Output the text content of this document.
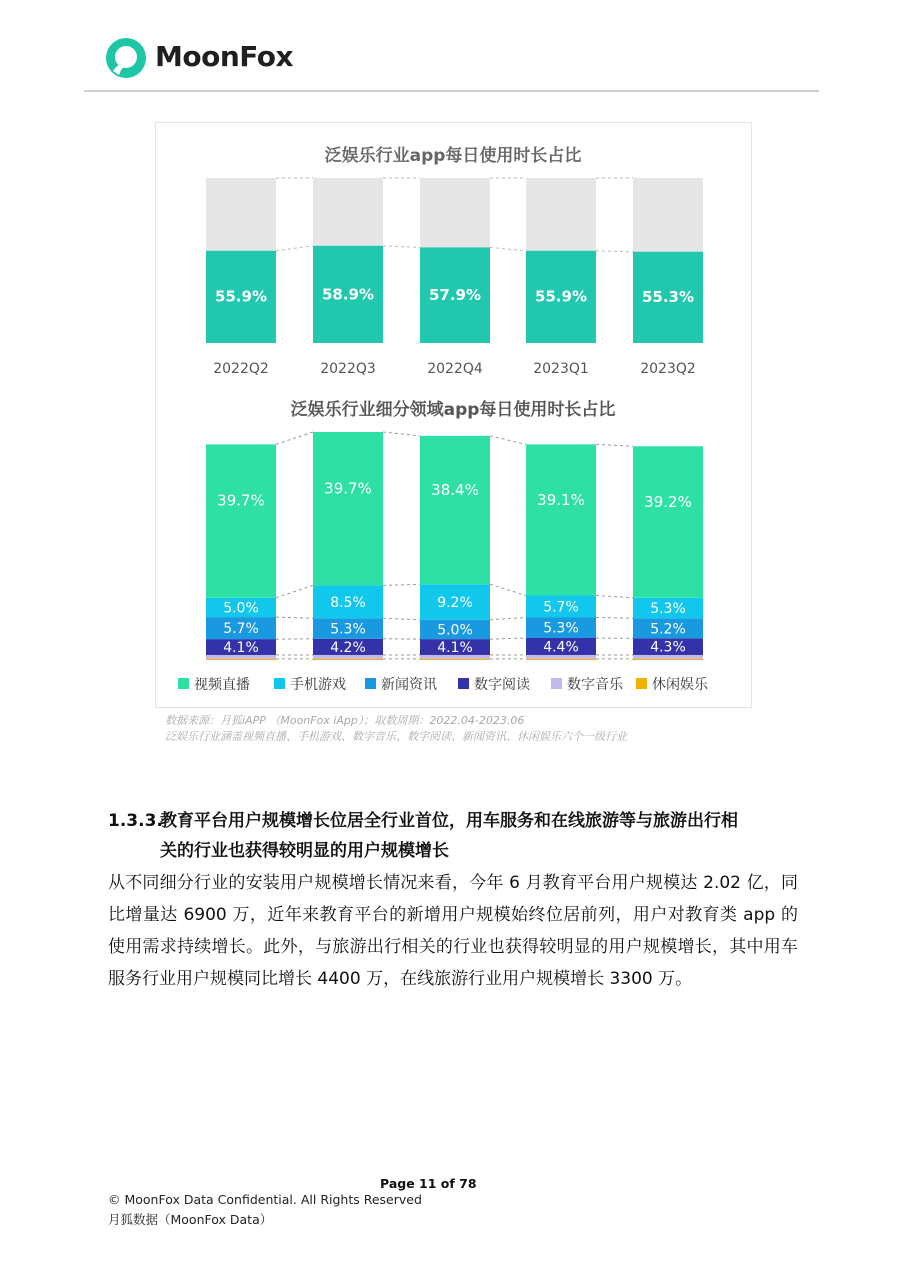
MoonFox
泛娱乐行业app每日使用时长占比
55.9%
2022Q2
58.9%
2022Q3
57.9%
2022Q4
55.9%
2023Q1
55.3%
2023Q2
泛娱乐行业细分领域app每日使用时长占比
4.1%
5.7%
5.0%
39.7%
4.2%
5.3%
8.5%
39.7%
4.1%
5.0%
9.2%
38.4%
4.4%
5.3%
5.7%
39.1%
4.3%
5.2%
5.3%
39.2%
视频直播	手机游戏	新闻资讯	数字阅读	数字音乐 休闲娱乐
数据来源：月狐iAPP （MoonFox iApp）；取数周期：2022.04-2023.06
泛娱乐行业涵盖视频直播、手机游戏、数字音乐、数字阅读、新闻资讯、休闲娱乐六个一级行业
1.3.3.教育平台用户规模增长位居全行业首位，用车服务和在线旅游等与旅游出行相
关的行业也获得较明显的用户规模增长
从不同细分行业的安装用户规模增长情况来看，今年 6 月教育平台用户规模达 2.02 亿，同比增量达 6900 万，近年来教育平台的新增用户规模始终位居前列，用户对教育类 app 的使用需求持续增长。此外，与旅游出行相关的行业也获得较明显的用户规模增长，其中用车服务行业用户规模同比增长 4400 万，在线旅游行业用户规模增长 3300 万。
Page 11 of 78
© MoonFox Data Confidential. All Rights Reserved
月狐数据（MoonFox Data）
